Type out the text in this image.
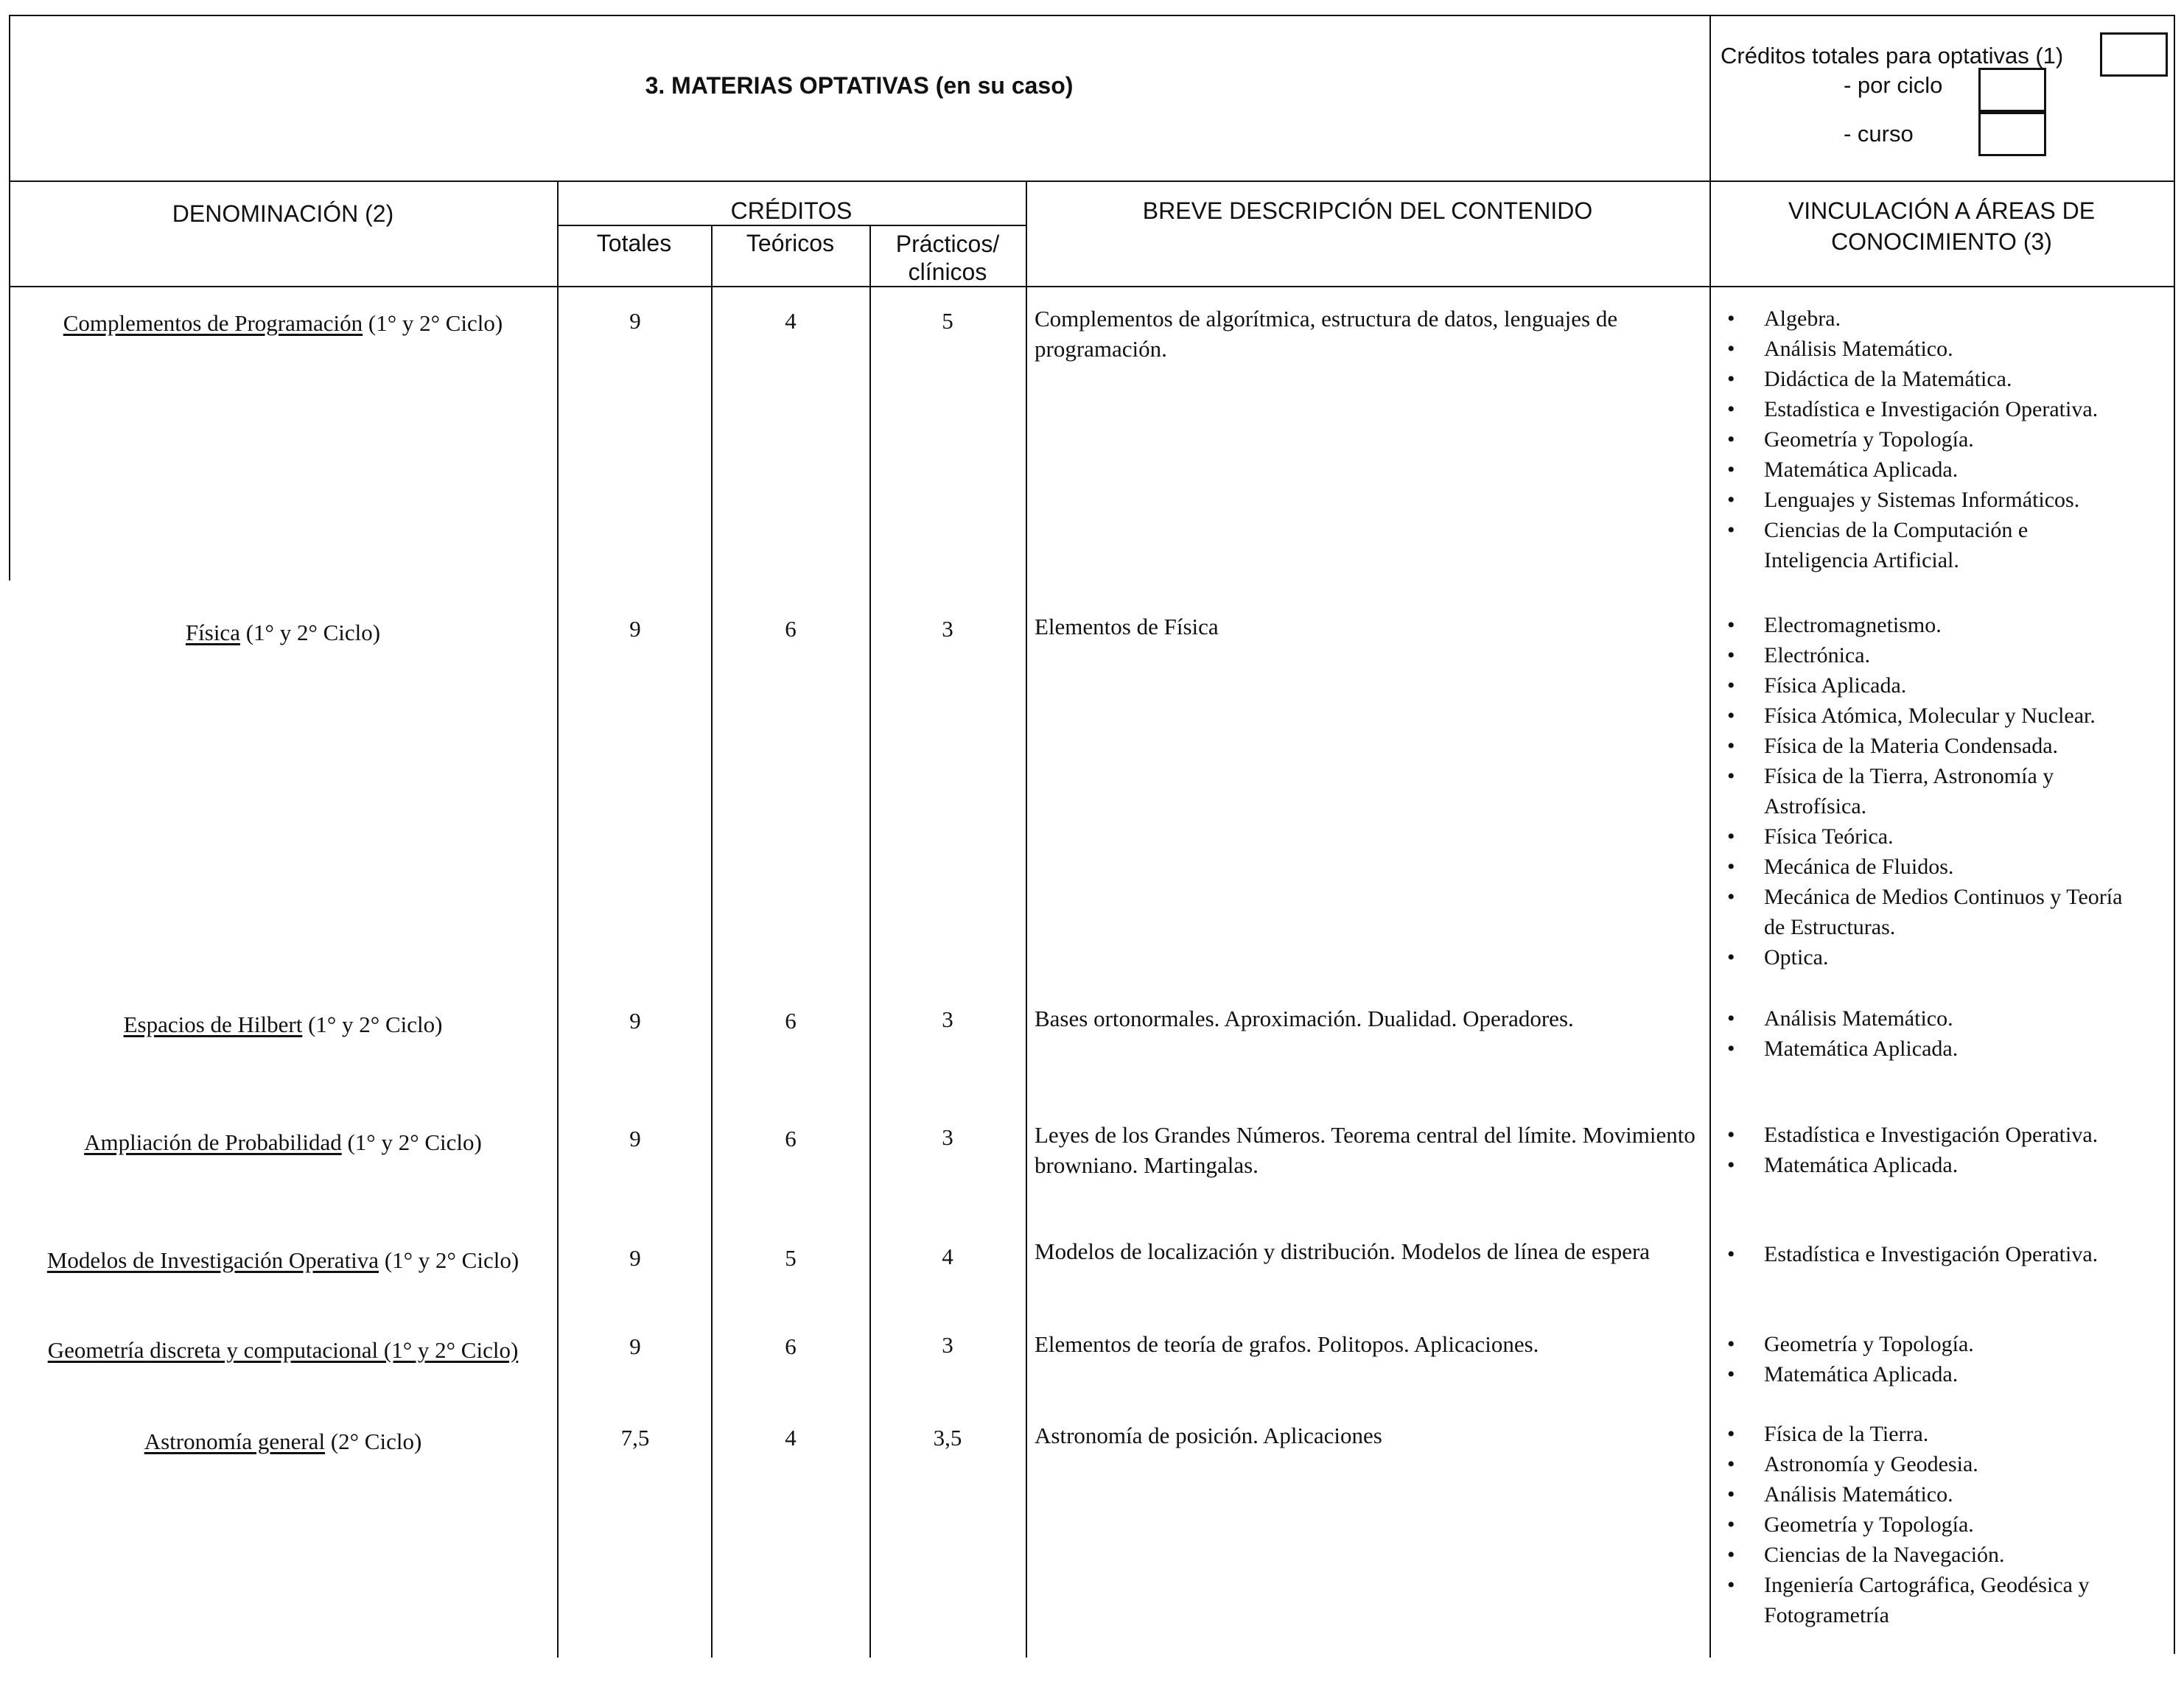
3. MATERIAS OPTATIVAS (en su caso)
Créditos totales para optativas (1)
- por ciclo
- curso
DENOMINACIÓN (2)	CRÉDITOS
Totales	Teóricos	Prácticos/
clínicos
BREVE DESCRIPCIÓN DEL CONTENIDO	VINCULACIÓN A ÁREAS DE
CONOCIMIENTO (3)
Complementos de Programación (1° y 2° Ciclo)	9	4	5	Complementos de algorítmica, estructura de datos, lenguajes de programación.
• Algebra.
• Análisis Matemático.
• Didáctica de la Matemática.
• Estadística e Investigación Operativa.
• Geometría y Topología.
• Matemática Aplicada.
• Lenguajes y Sistemas Informáticos.
• Ciencias de la Computación e Inteligencia Artificial.
Física (1° y 2° Ciclo)	9	6	3	Elementos de Física	• Electromagnetismo.
• Electrónica.
• Física Aplicada.
• Física Atómica, Molecular y Nuclear.
• Física de la Materia Condensada.
• Física de la Tierra, Astronomía y Astrofísica.
• Física Teórica.
• Mecánica de Fluidos.
• Mecánica de Medios Continuos y Teoría de Estructuras.
• Optica.
Espacios de Hilbert (1° y 2° Ciclo)	9	6	3	Bases ortonormales. Aproximación. Dualidad. Operadores.	• Análisis Matemático.
• Matemática Aplicada.
Ampliación de Probabilidad (1° y 2° Ciclo)	9	6	3	Leyes de los Grandes Números. Teorema central del límite. Movimiento browniano. Martingalas.
• Estadística e Investigación Operativa.
• Matemática Aplicada.
Modelos de Investigación Operativa (1° y 2° Ciclo)	9	5	4	Modelos de localización y distribución. Modelos de línea de espera	• Estadística e Investigación Operativa.
Geometría discreta y computacional (1° y 2° Ciclo)	9	6	3	Elementos de teoría de grafos. Politopos. Aplicaciones.	• Geometría y Topología.
• Matemática Aplicada.
Astronomía general (2° Ciclo)	7,5	4	3,5	Astronomía de posición. Aplicaciones	• Física de la Tierra.
• Astronomía y Geodesia.
• Análisis Matemático.
• Geometría y Topología.
• Ciencias de la Navegación.
• Ingeniería Cartográfica, Geodésica y Fotogrametría
